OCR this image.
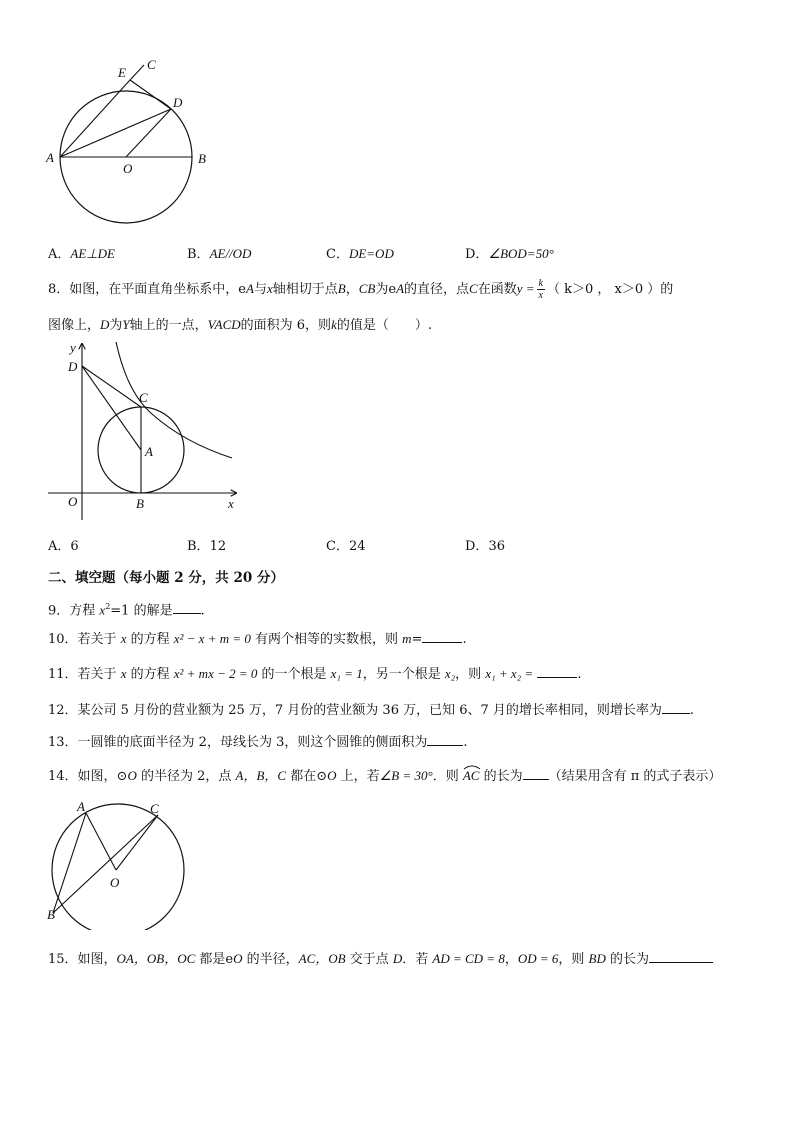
E
C
D
A
O
B
A．AE⊥DE	B．AE//OD	C．DE=OD	D．∠BOD=50°
8．如图，在平面直角坐标系中，eA与x轴相切于点B，CB为eA的直径，点C在函数$y = \frac{k}{x}$ （ k＞0 ， x＞0 ）的
图像上，D为Y轴上的一点，VACD的面积为 6，则k的值是（　　）.
y
D
C
A
O	B	x
A．6	B．12	C．24	D．36
二、填空题（每小题 2 分，共 20 分）
9．方程 $x^2=1$ 的解是 .
10．若关于 x 的方程 x² − x + m = 0 有两个相等的实数根，则 m=	.
11．若关于 x 的方程 x² + mx − 2 = 0 的一个根是 x₁ = 1，另一个根是 x₂，则 x₁ + x₂ =	.
12．某公司 5 月份的营业额为 25 万，7 月份的营业额为 36 万，已知 6、7 月的增长率相同，则增长率为 .
13．一圆锥的底面半径为 2，母线长为 3，则这个圆锥的侧面积为	.
14．如图，⊙O 的半径为 2，点 A，B，C 都在⊙O 上，若∠B = 30°．则 AC
的长为 （结果用含有 π 的式子表示）
A	C
O
B
15．如图，OA，OB，OC 都是eO 的半径，AC，OB 交于点 D．若 AD = CD = 8，OD = 6，则 BD 的长为
